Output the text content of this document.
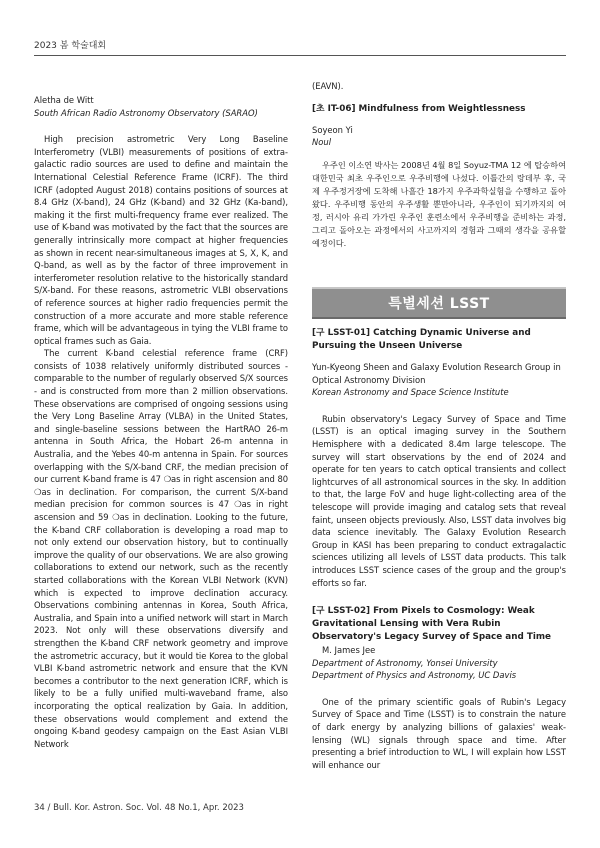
2023 봄 학술대회

Aletha de Witt

South African Radio Astronomy Observatory (SARAO)

High precision astrometric Very Long Baseline Interferometry (VLBI) measurements of positions of extra-galactic radio sources are used to define and maintain the International Celestial Reference Frame (ICRF). The third ICRF (adopted August 2018) contains positions of sources at 8.4 GHz (X-band), 24 GHz (K-band) and 32 GHz (Ka-band), making it the first multi-frequency frame ever realized. The use of K-band was motivated by the fact that the sources are generally intrinsically more compact at higher frequencies as shown in recent near-simultaneous images at S, X, K, and Q-band, as well as by the factor of three improvement in interferometer resolution relative to the historically standard S/X-band. For these reasons, astrometric VLBI observations of reference sources at higher radio frequencies permit the construction of a more accurate and more stable reference frame, which will be advantageous in tying the VLBI frame to optical frames such as Gaia.

The current K-band celestial reference frame (CRF) consists of 1038 relatively uniformly distributed sources - comparable to the number of regularly observed S/X sources - and is constructed from more than 2 million observations. These observations are comprised of ongoing sessions using the Very Long Baseline Array (VLBA) in the United States, and single-baseline sessions between the HartRAO 26-m antenna in South Africa, the Hobart 26-m antenna in Australia, and the Yebes 40-m antenna in Spain. For sources overlapping with the S/X-band CRF, the median precision of our current K-band frame is 47 ❍as in right ascension and 80 ❍as in declination. For comparison, the current S/X-band median precision for common sources is 47 ❍as in right ascension and 59 ❍as in declination. Looking to the future, the K-band CRF collaboration is developing a road map to not only extend our observation history, but to continually improve the quality of our observations. We are also growing collaborations to extend our network, such as the recently started collaborations with the Korean VLBI Network (KVN) which is expected to improve declination accuracy. Observations combining antennas in Korea, South Africa, Australia, and Spain into a unified network will start in March 2023. Not only will these observations diversify and strengthen the K-band CRF network geometry and improve the astrometric accuracy, but it would tie Korea to the global VLBI K-band astrometric network and ensure that the KVN becomes a contributor to the next generation ICRF, which is likely to be a fully unified multi-waveband frame, also incorporating the optical realization by Gaia. In addition, these observations would complement and extend the ongoing K-band geodesy campaign on the East Asian VLBI Network

(EAVN).

[초 IT-06] Mindfulness from Weightlessness

Soyeon Yi

Noul

우주인 이소연 박사는 2008년 4월 8일 Soyuz-TMA 12 에 탑승하여 대한민국 최초 우주인으로 우주비행에 나섰다. 이틀간의 랑데부 후, 국제 우주정거장에 도착해 나흘간 18가지 우주과학실험을 수행하고 돌아왔다. 우주비행 동안의 우주생활 뿐만아니라, 우주인이 되기까지의 여정, 러시아 유리 가가린 우주인 훈련소에서 우주비행을 준비하는 과정, 그리고 돌아오는 과정에서의 사고까지의 경험과 그때의 생각을 공유할 예정이다.

특별세션 LSST

[구 LSST-01] Catching Dynamic Universe and Pursuing the Unseen Universe

Yun-Kyeong Sheen and Galaxy Evolution Research Group in Optical Astronomy Division

Korean Astronomy and Space Science Institute

Rubin observatory's Legacy Survey of Space and Time (LSST) is an optical imaging survey in the Southern Hemisphere with a dedicated 8.4m large telescope. The survey will start observations by the end of 2024 and operate for ten years to catch optical transients and collect lightcurves of all astronomical sources in the sky. In addition to that, the large FoV and huge light-collecting area of the telescope will provide imaging and catalog sets that reveal faint, unseen objects previously. Also, LSST data involves big data science inevitably. The Galaxy Evolution Research Group in KASI has been preparing to conduct extragalactic sciences utilizing all levels of LSST data products. This talk introduces LSST science cases of the group and the group's efforts so far.

[구 LSST-02] From Pixels to Cosmology: Weak Gravitational Lensing with Vera Rubin Observatory's Legacy Survey of Space and Time

M. James Jee

Department of Astronomy, Yonsei University

Department of Physics and Astronomy, UC Davis

One of the primary scientific goals of Rubin's Legacy Survey of Space and Time (LSST) is to constrain the nature of dark energy by analyzing billions of galaxies' weak-lensing (WL) signals through space and time. After presenting a brief introduction to WL, I will explain how LSST will enhance our

34 / Bull. Kor. Astron. Soc. Vol. 48 No.1, Apr. 2023
